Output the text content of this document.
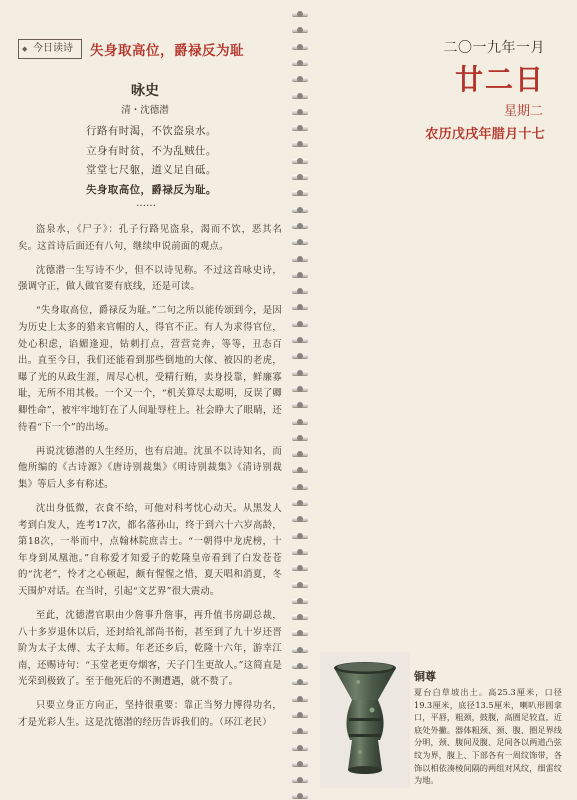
◆ 今日读诗	失身取高位，爵禄反为耻
咏史
清・沈德潜
行路有时渴，不饮盗泉水。
立身有时贫，不为乱贼仕。
堂堂七尺躯，道义足自砥。
失身取高位，爵禄反为耻。
……

盗泉水，《尸子》：孔子行路见盗泉，渴而不饮，恶其名矣。这首诗后面还有八句，继续申说前面的观点。

沈德潜一生写诗不少，但不以诗见称。不过这首咏史诗，强调守正，做人做官要有底线，还是可读。

“失身取高位，爵禄反为耻。”二句之所以能传颂到今，是因为历史上太多的猎来官帽的人，得官不正。有人为求得官位，处心积虑，谄媚逢迎，钻刺打点，营营竞奔，等等，丑态百出。直至今日，我们还能看到那些倒地的大傢、被囚的老虎，曝了光的从政生涯，周尽心机，受精行贿，卖身投靠，鲜廉寡耻，无所不用其极。一个又一个，“机关算尽太聪明，反误了卿卿性命”，被牢牢地钉在了人间耻辱柱上。社会睁大了眼睛，还待看“下一个”的出场。

再说沈德潜的人生经历，也有启迪。沈虽不以诗知名，而他所编的《古诗源》《唐诗别裁集》《明诗别裁集》《清诗别裁集》等后人多有称述。

沈出身低微，衣食不给，可他对科考忱心动天。从黑发人考到白发人，连考17次，都名落孙山，终于到六十六岁高龄，第18次，一举而中，点翰林院庶吉士。“一朝得中龙虎榜，十年身到凤凰池。”自称爱才知爱子的乾隆皇帝看到了白发苍苍的“沈老”，怜才之心顿起，颇有惺惺之惜，夏天唱和消夏，冬天围炉对话。在当时，引起“文艺界”很大震动。

至此，沈德潜官职由少詹事升詹事，再升值书房副总裁，八十多岁退休以后，还封给礼部尚书衔，甚至到了九十岁还晋阶为太子太傅、太子太师。年老还乡后，乾隆十六年，游幸江南，还赐诗句：“玉堂老更夸烟客，天子门生更故人。”这简直是光荣到极致了。至于他死后的不测遭遇，就不赘了。

只要立身正方向正，坚持很重要：靠正当努力博得功名，才是光彩人生。这是沈德潜的经历告诉我们的。（环江老民）

二〇一九年一月
廿二日
星期二
农历戊戌年腊月十七
铜尊
夏台白草坡出土。高25.3厘米，口径19.3厘米，底径13.5厘米，喇叭形圆拿口，平唇，粗颈，鼓腹，高圈足较直，近底处外撇。器体粗颈、颈、腹、圈足界线分明，颈、腹间及腹、足间各以两道凸弦纹为界，腹上、下部各有一周纹饰带，各饰以相依凑棱间隔的两组对风纹，细雷纹为地。
